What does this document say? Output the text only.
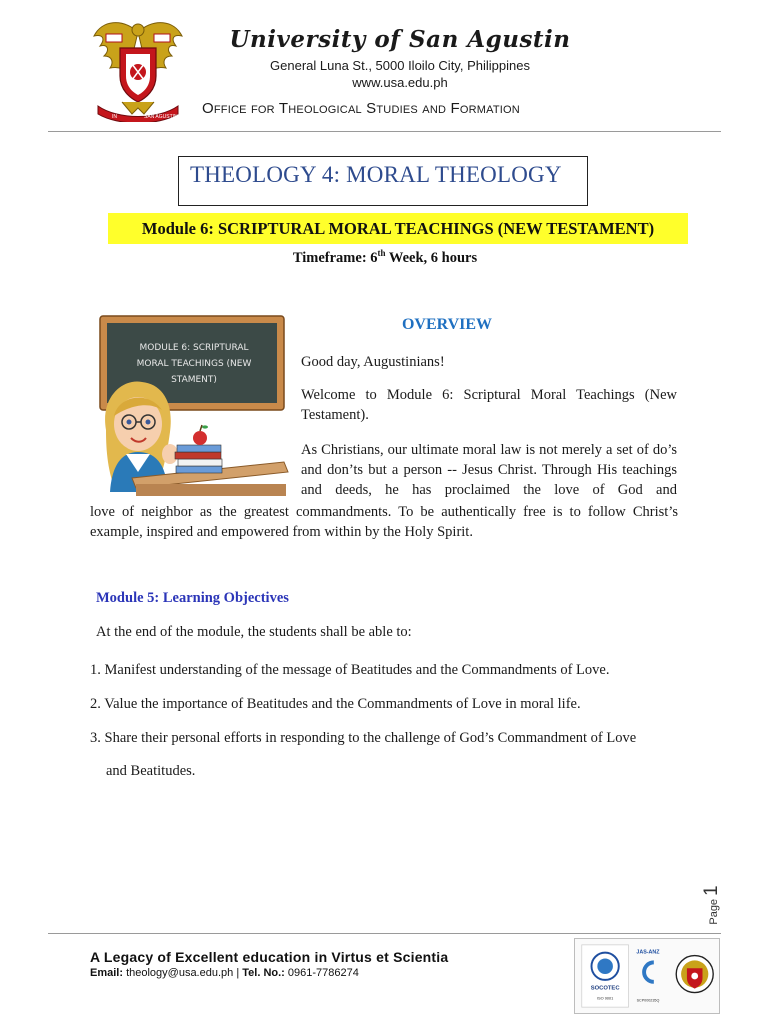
IN	SAN AGUSTIN
University of San Agustin
General Luna St., 5000 Iloilo City, Philippines
www.usa.edu.ph
Office for Theological Studies and Formation
THEOLOGY 4: MORAL THEOLOGY
Module 6: SCRIPTURAL MORAL TEACHINGS (NEW TESTAMENT)
Timeframe: 6th Week, 6 hours
MODULE 6: SCRIPTURAL
MORAL TEACHINGS (NEW
STAMENT)
OVERVIEW
Good day, Augustinians!
Welcome to Module 6: Scriptural Moral Teachings (New Testament).
As Christians, our ultimate moral law is not merely a set of do’s and don’ts but a person -- Jesus Christ. Through His teachings and deeds, he has proclaimed the love of God and
love of neighbor as the greatest commandments. To be authentically free is to follow Christ’s example, inspired and empowered from within by the Holy Spirit.
Module 5: Learning Objectives
At the end of the module, the students shall be able to:
1. Manifest understanding of the message of Beatitudes and the Commandments of Love.
2. Value the importance of Beatitudes and the Commandments of Love in moral life.
3. Share their personal efforts in responding to the challenge of God’s Commandment of Love
and Beatitudes.
Page
1
A Legacy of Excellent education in Virtus et Scientia
Email: theology@usa.edu.ph | Tel. No.: 0961-7786274
SOCOTEC
ISO 9001
JAS-ANZ
SCP000235Q
